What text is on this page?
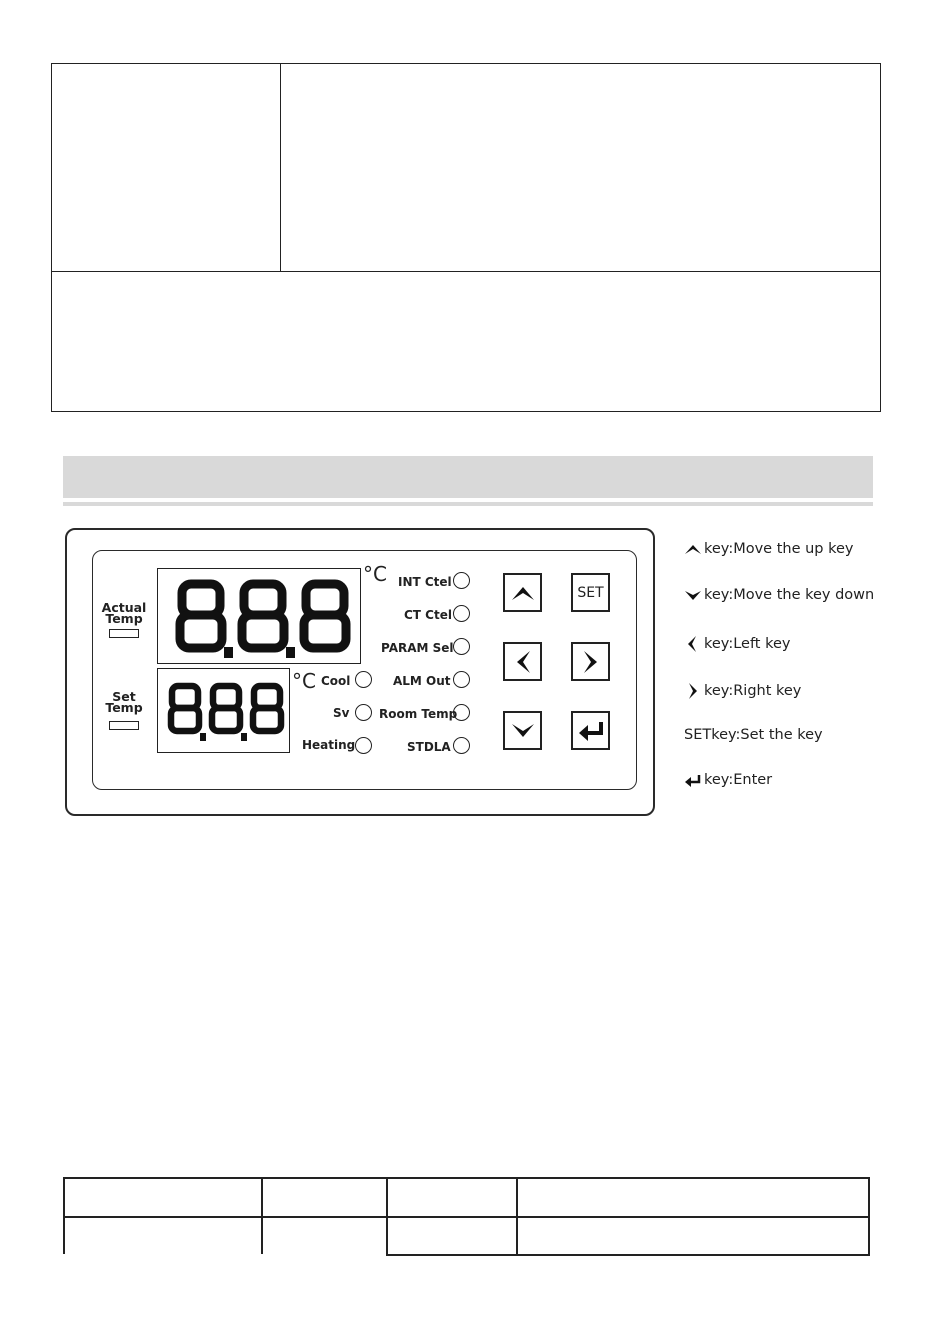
Actual
Temp
Set
Temp
°C
°C
INT Ctel
CT Ctel
PARAM Sel
ALM Out
Room Temp
STDLA
Cool
Sv
Heating
SET
key:Move the up key
key:Move the key down
key:Left key
key:Right key
SETkey:Set the key
key:Enter
